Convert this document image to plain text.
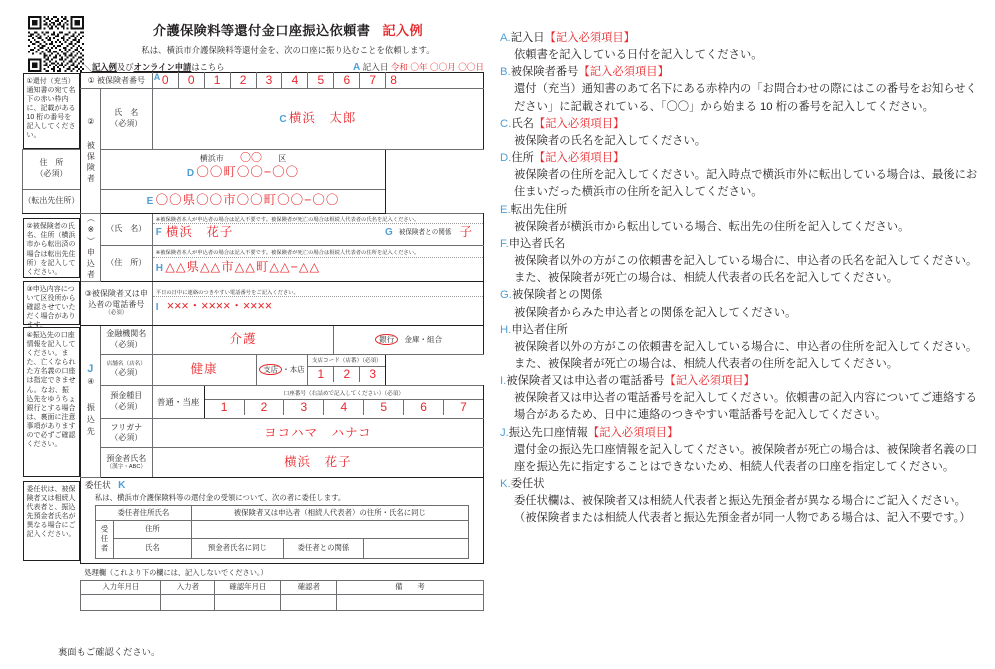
介護保険料等還付金口座振込依頼書 記入例
私は、横浜市介護保険料等還付金を、次の口座に振り込むことを依頼します。
＼
記入例及びオンライン申請はこちら	A 記入日 令和 〇年 〇〇月 〇〇日
①還付（充当）通知書の宛て名下の赤い枠内に、記載がある 10 桁の番号を記入してください。
	① 被保険者番号	A 0	0	1	2	3	4	5	6	7	8

② 被保険者

氏　名
（必須）	C 横浜　太郎

住　所
（必須）

横浜市 〇〇 区
D 〇〇町〇〇−〇〇

（転出先住所）	E 〇〇県〇〇市〇〇町〇〇−〇〇

②被保険者の氏名、住所（横浜市から転出済の場合は転出先住所）を記入してください。	（※）申込者	（氏　名）

※被保険者本人が申込者の場合は記入不要です。被保険者が死亡の場合は相続人代表者の氏名を記入ください。
F 横浜　花子	G 被保険者との関係 子

（住　所）

※被保険者本人が申込者の場合は記入不要です。被保険者が死亡の場合は相続人代表者の住所を記入ください。
H △△県△△市△△町△△−△△

③申込内容について区役所から確認させていただく場合があります。

③被保険者又は申込者の電話番号
（必須）

平日の日中に連絡のつきやすい電話番号をご記入ください。
I ×××・××××・××××

④振込先の口座情報を記入してください。また、亡くなられた方名義の口座は指定できません。なお、振込先をゆうちょ銀行とする場合は、裏面に注意事項がありますので必ずご確認ください。

J
④ 振込先

金融機関名
（必須）	介護	銀行 金庫・組合

店舗名（店名）
（必須）	健康	支店 ・本店	
支店コード（店番）（必須）
1	2	3

預金種目
（必須）	普通・当座	
口座番号（右詰めで記入してください）（必須）
1	2	3	4	5	6	7

フリガナ
（必須）	ヨコハマ　ハナコ

預金者氏名
（漢字・ABC）	横浜　花子

委任状は、被保険者又は相続人代表者と、振込先預金者氏名が異なる場合にご記入ください。

委任状 K
私は、横浜市介護保険料等の還付金の受領について、次の者に委任します。
委任者住所氏名	被保険者又は申込者（相続人代表者）の住所・氏名に同じ

受任者	住所	
氏名	預金者氏名に同じ	委任者との関係	

処理欄（これより下の欄には、記入しないでください。）
入力年月日	入力者	確認年月日	確認者	備　　考

裏面もご確認ください。
A.記入日【記入必須項目】
依頼書を記入している日付を記入してください。
B.被保険者番号【記入必須項目】
還付（充当）通知書のあて名下にある赤枠内の「お問合わせの際にはこの番号をお知らせください」に記載されている、「〇〇」から始まる 10 桁の番号を記入してください。
C.氏名【記入必須項目】
被保険者の氏名を記入してください。
D.住所【記入必須項目】
被保険者の住所を記入してください。記入時点で横浜市外に転出している場合は、最後にお住まいだった横浜市の住所を記入してください。
E.転出先住所
被保険者が横浜市から転出している場合、転出先の住所を記入してください。
F.申込者氏名
被保険者以外の方がこの依頼書を記入している場合に、申込者の氏名を記入してください。また、被保険者が死亡の場合は、相続人代表者の氏名を記入してください。
G.被保険者との関係
被保険者からみた申込者との関係を記入してください。
H.申込者住所
被保険者以外の方がこの依頼書を記入している場合に、申込者の住所を記入してください。また、被保険者が死亡の場合は、相続人代表者の住所を記入してください。
I.被保険者又は申込者の電話番号【記入必須項目】
被保険者又は申込者の電話番号を記入してください。依頼書の記入内容についてご連絡する場合があるため、日中に連絡のつきやすい電話番号を記入してください。
J.振込先口座情報【記入必須項目】
還付金の振込先口座情報を記入してください。被保険者が死亡の場合は、被保険者名義の口座を振込先に指定することはできないため、相続人代表者の口座を指定してください。
K.委任状
委任状欄は、被保険者又は相続人代表者と振込先預金者が異なる場合にご記入ください。（被保険者または相続人代表者と振込先預金者が同一人物である場合は、記入不要です。）
